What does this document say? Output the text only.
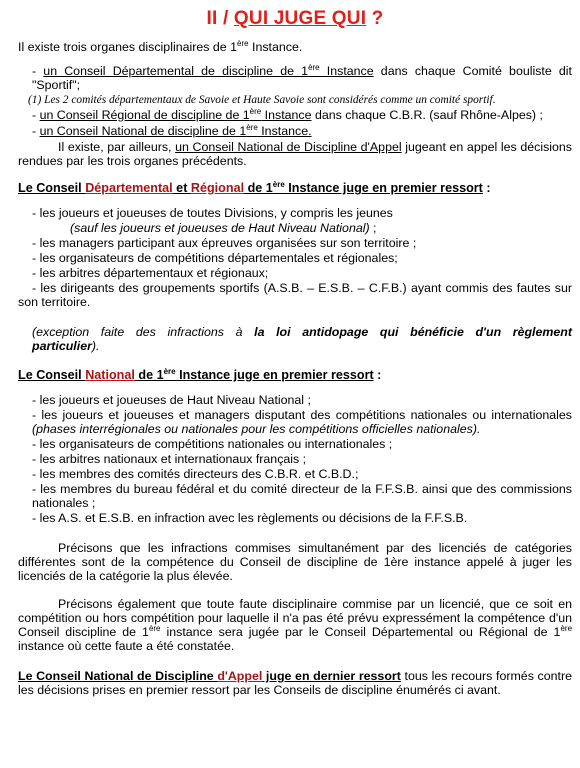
II / QUI JUGE QUI ?

Il existe trois organes disciplinaires de 1ère Instance.

- un Conseil Départemental de discipline de 1ère Instance dans chaque Comité bouliste dit "Sportif";

(1) Les 2 comités départementaux de Savoie et Haute Savoie sont considérés comme un comité sportif.

- un Conseil Régional de discipline de 1ère Instance dans chaque C.B.R. (sauf Rhône-Alpes) ;

- un Conseil National de discipline de 1ère Instance.

Il existe, par ailleurs, un Conseil National de Discipline d'Appel jugeant en appel les décisions rendues par les trois organes précédents.

Le Conseil Départemental et Régional de 1ère Instance juge en premier ressort :

- les joueurs et joueuses de toutes Divisions, y compris les jeunes

(sauf les joueurs et joueuses de Haut Niveau National) ;

- les managers participant aux épreuves organisées sur son territoire ;

- les organisateurs de compétitions départementales et régionales;

- les arbitres départementaux et régionaux;

- les dirigeants des groupements sportifs (A.S.B. – E.S.B. – C.F.B.) ayant commis des fautes sur son territoire.

(exception faite des infractions à la loi antidopage qui bénéficie d'un règlement particulier).

Le Conseil National de 1ère Instance juge en premier ressort :

- les joueurs et joueuses de Haut Niveau National ;

- les joueurs et joueuses et managers disputant des compétitions nationales ou internationales (phases interrégionales ou nationales pour les compétitions officielles nationales).

- les organisateurs de compétitions nationales ou internationales ;

- les arbitres nationaux et internationaux français ;

- les membres des comités directeurs des C.B.R. et C.B.D.;

- les membres du bureau fédéral et du comité directeur de la F.F.S.B. ainsi que des commissions nationales ;

- les A.S. et E.S.B. en infraction avec les règlements ou décisions de la F.F.S.B.

Précisons que les infractions commises simultanément par des licenciés de catégories différentes sont de la compétence du Conseil de discipline de 1ère instance appelé à juger les licenciés de la catégorie la plus élevée.

Précisons également que toute faute disciplinaire commise par un licencié, que ce soit en compétition ou hors compétition pour laquelle il n'a pas été prévu expressément la compétence d'un Conseil discipline de 1ère instance sera jugée par le Conseil Départemental ou Régional de 1ère instance où cette faute a été constatée.

Le Conseil National de Discipline d'Appel juge en dernier ressort tous les recours formés contre les décisions prises en premier ressort par les Conseils de discipline énumérés ci avant.
